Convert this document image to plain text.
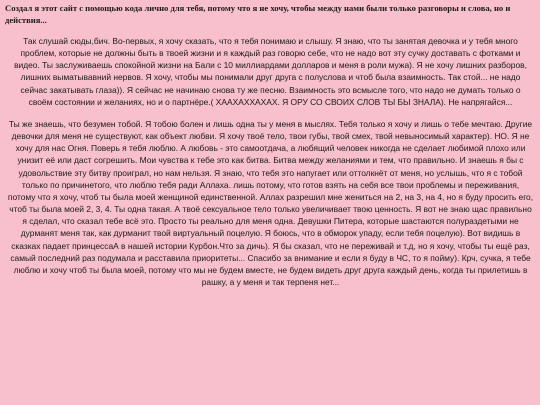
Создал я этот сайт с помощью кода лично для тебя, потому что я не хочу, чтобы между нами были только разговоры и слова, но и действия...

Так слушай сюды,бич. Во-первых, я хочу сказать, что я тебя понимаю и слышу. Я знаю, что ты занятая девочка и у тебя много проблем, которые не должны быть в твоей жизни и я каждый раз говорю себе, что не надо вот эту сучку доставать с фотками и видео. Ты заслуживаешь спокойной жизни на Бали с 10 миллиардами долларов и меня в роли мужа). Я не хочу лишних разборов, лишних выматывавний нервов. Я хочу, чтобы мы понимали друг друга с полуслова и чтоб была взаимность. Так стой... не надо сейчас закатывать глаза)). Я сейчас не начинаю снова ту же песню. Взаимность это всмысле того, что надо не думать только о своём состоянии и желаниях, но и о партнёре.( ХААХАХХАХАХ. Я ОРУ СО СВОИХ СЛОВ ТЫ БЫ ЗНАЛА). Не напрягайся...

Ты же знаешь, что безумен тобой. Я тобою болен и лишь одна ты у меня в мыслях. Тебя только я хочу и лишь о тебе мечтаю. Другие девочки для меня не существуют, как объект любви. Я хочу твоё тело, твои губы, твой смех, твой невыносимый характер). НО. Я не хочу для нас Огня. Поверь я тебя люблю. А любовь - это самоотдача, а любящий человек никогда не сделает любимой плохо или унизит её или даст согрешить. Мои чувства к тебе это как битва. Битва между желаниями и тем, что правильно. И знаешь я бы с удовольствие эту битву проиграл, но нам нельзя. Я знаю, что тебя это напугает или оттолкнёт от меня, но услышь, что я с тобой только по причинетого, что люблю тебя ради Аллаха. лишь потому, что готов взять на себя все твои проблемы и переживания, потому что я хочу, чтоб ты была моей женщиной единственной. Аллах разрешил мне жениться на 2, на 3, на 4, но я буду просить его, чтоб ты была моей 2, 3, 4. Ты одна такая. А твоё сексуальное тело только увеличивает твою ценность. Я вот не знаю щас правильно я сделал, что сказал тебе всё это. Просто ты реально для меня одна. Девушки Питера, которые шастаются полураздетыми не дурманят меня так, как дурманит твой виртуальный поцелую. Я боюсь, что в обморок упаду, если тебя поцелую). Вот видишь в сказках падает принцессаА в нашей истории Курбон.Что за дичь). Я бы сказал, что не переживай и т.д, но я хочу, чтобы ты ещё раз, самый последний раз подумала и расставила приоритеты... Спасибо за внимание и если я буду в ЧС, то я пойму). Крч, сучка, я тебе люблю и хочу чтоб ты была моей, потому что мы не будем вместе, не будем видеть друг друга каждый день, когда ты прилетишь в рашку, а у меня и так терпеня нет...
